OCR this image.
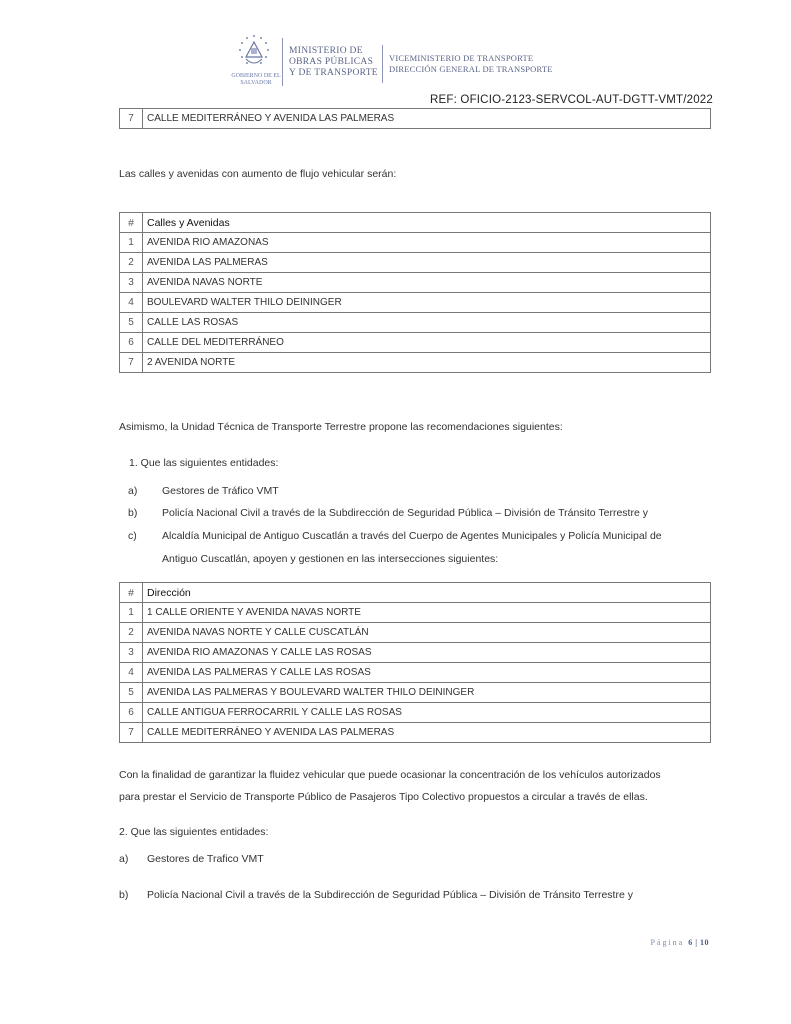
GOBIERNO DE EL SALVADOR
MINISTERIO DE
OBRAS PÚBLICAS
Y DE TRANSPORTE
VICEMINISTERIO DE TRANSPORTE
DIRECCIÓN GENERAL DE TRANSPORTE
REF: OFICIO-2123-SERVCOL-AUT-DGTT-VMT/2022
7	CALLE MEDITERRÁNEO Y AVENIDA LAS PALMERAS
Las calles y avenidas con aumento de flujo vehicular serán:
#	Calles y Avenidas
1	AVENIDA RIO AMAZONAS
2	AVENIDA LAS PALMERAS
3	AVENIDA NAVAS NORTE
4	BOULEVARD WALTER THILO DEININGER
5	CALLE LAS ROSAS
6	CALLE DEL MEDITERRÁNEO
7	2 AVENIDA NORTE
Asimismo, la Unidad Técnica de Transporte Terrestre propone las recomendaciones siguientes:
1. Que las siguientes entidades:
a) Gestores de Tráfico VMT
b) Policía Nacional Civil a través de la Subdirección de Seguridad Pública – División de Tránsito Terrestre y
c) Alcaldía Municipal de Antiguo Cuscatlán a través del Cuerpo de Agentes Municipales y Policía Municipal de
Antiguo Cuscatlán, apoyen y gestionen en las intersecciones siguientes:
#	Dirección
1	1 CALLE ORIENTE Y AVENIDA NAVAS NORTE
2	AVENIDA NAVAS NORTE Y CALLE CUSCATLÁN
3	AVENIDA RIO AMAZONAS Y CALLE LAS ROSAS
4	AVENIDA LAS PALMERAS Y CALLE LAS ROSAS
5	AVENIDA LAS PALMERAS Y BOULEVARD WALTER THILO DEININGER
6	CALLE ANTIGUA FERROCARRIL Y CALLE LAS ROSAS
7	CALLE MEDITERRÁNEO Y AVENIDA LAS PALMERAS
Con la finalidad de garantizar la fluidez vehicular que puede ocasionar la concentración de los vehículos autorizados
para prestar el Servicio de Transporte Público de Pasajeros Tipo Colectivo propuestos a circular a través de ellas.
2. Que las siguientes entidades:
a) Gestores de Trafico VMT
b) Policía Nacional Civil a través de la Subdirección de Seguridad Pública – División de Tránsito Terrestre y
Página 6 | 10
